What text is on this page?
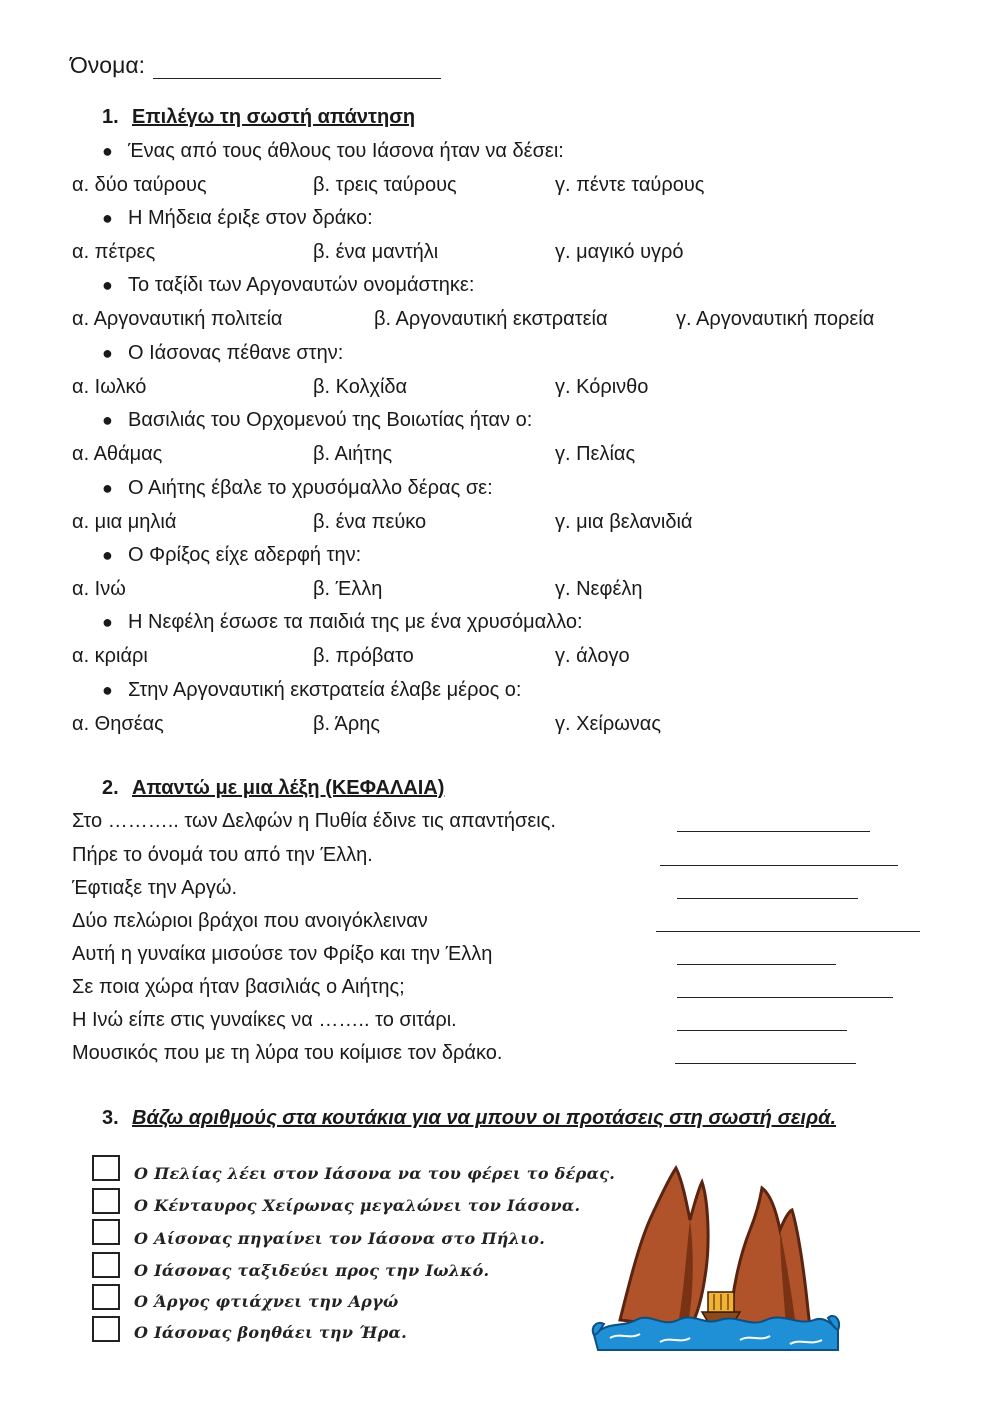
Όνομα:
1. Επιλέγω τη σωστή απάντηση
● Ένας από τους άθλους του Ιάσονα ήταν να δέσει:
α. δύο ταύρους	β. τρεις ταύρους	γ. πέντε ταύρους
● Η Μήδεια έριξε στον δράκο:
α. πέτρες	β. ένα μαντήλι	γ. μαγικό υγρό
● Το ταξίδι των Αργοναυτών ονομάστηκε:
α. Αργοναυτική πολιτεία	β. Αργοναυτική εκστρατεία	γ. Αργοναυτική πορεία
● Ο Ιάσονας πέθανε στην:
α. Ιωλκό	β. Κολχίδα	γ. Κόρινθο
● Βασιλιάς του Ορχομενού της Βοιωτίας ήταν ο:
α. Αθάμας	β. Αιήτης	γ. Πελίας
● Ο Αιήτης έβαλε το χρυσόμαλλο δέρας σε:
α. μια μηλιά	β. ένα πεύκο	γ. μια βελανιδιά
● Ο Φρίξος είχε αδερφή την:
α. Ινώ	β. Έλλη	γ. Νεφέλη
● Η Νεφέλη έσωσε τα παιδιά της με ένα χρυσόμαλλο:
α. κριάρι	β. πρόβατο	γ. άλογο
● Στην Αργοναυτική εκστρατεία έλαβε μέρος ο:
α. Θησέας	β. Άρης	γ. Χείρωνας
2. Απαντώ με μια λέξη (ΚΕΦΑΛΑΙΑ)
Στο ……….. των Δελφών η Πυθία έδινε τις απαντήσεις.
Πήρε το όνομά του από την Έλλη.
Έφτιαξε την Αργώ.
Δύο πελώριοι βράχοι που ανοιγόκλειναν
Αυτή η γυναίκα μισούσε τον Φρίξο και την Έλλη
Σε ποια χώρα ήταν βασιλιάς ο Αιήτης;
Η Ινώ είπε στις γυναίκες να …….. το σιτάρι.
Μουσικός που με τη λύρα του κοίμισε τον δράκο.
3. Βάζω αριθμούς στα κουτάκια για να μπουν οι προτάσεις στη σωστή σειρά.
Ο Πελίας λέει στον Ιάσονα να του φέρει το δέρας.
Ο Κένταυρος Χείρωνας μεγαλώνει τον Ιάσονα.
Ο Αίσονας πηγαίνει τον Ιάσονα στο Πήλιο.
Ο Ιάσονας ταξιδεύει προς την Ιωλκό.
Ο Άργος φτιάχνει την Αργώ
Ο Ιάσονας βοηθάει την Ήρα.
